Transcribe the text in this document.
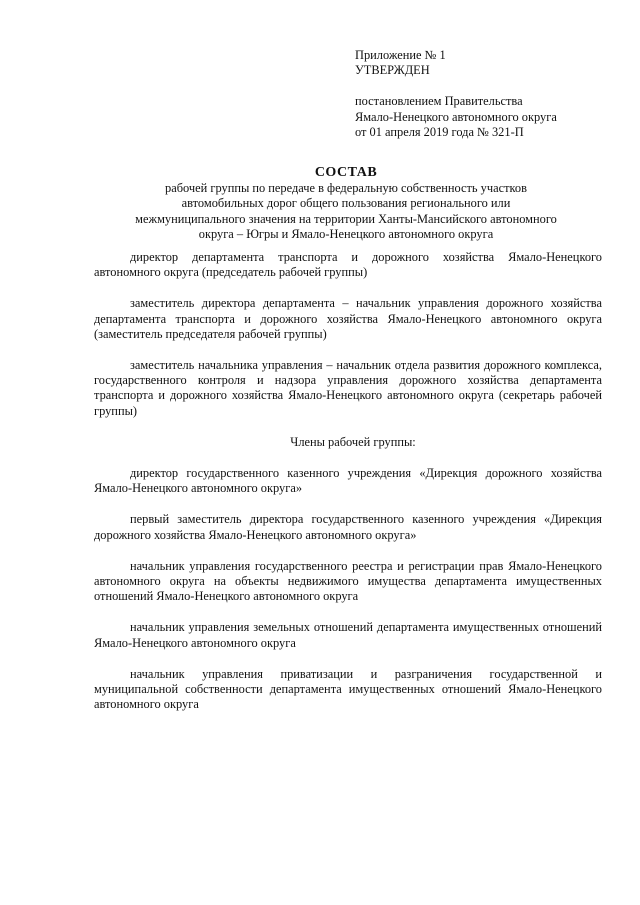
Приложение № 1
УТВЕРЖДЕН
постановлением Правительства
Ямало-Ненецкого автономного округа
от 01 апреля 2019 года № 321-П
СОСТАВ
рабочей группы по передаче в федеральную собственность участков
автомобильных дорог общего пользования регионального или
межмуниципального значения на территории Ханты-Мансийского автономного
округа – Югры и Ямало-Ненецкого автономного округа

директор департамента транспорта и дорожного хозяйства Ямало-Ненецкого автономного округа (председатель рабочей группы)

заместитель директора департамента – начальник управления дорожного хозяйства департамента транспорта и дорожного хозяйства Ямало-Ненецкого автономного округа (заместитель председателя рабочей группы)

заместитель начальника управления – начальник отдела развития дорожного комплекса, государственного контроля и надзора управления дорожного хозяйства департамента транспорта и дорожного хозяйства Ямало-Ненецкого автономного округа (секретарь рабочей группы)

Члены рабочей группы:

директор государственного казенного учреждения «Дирекция дорожного хозяйства Ямало-Ненецкого автономного округа»

первый заместитель директора государственного казенного учреждения «Дирекция дорожного хозяйства Ямало-Ненецкого автономного округа»

начальник управления государственного реестра и регистрации прав Ямало-Ненецкого автономного округа на объекты недвижимого имущества департамента имущественных отношений Ямало-Ненецкого автономного округа

начальник управления земельных отношений департамента имущественных отношений Ямало-Ненецкого автономного округа

начальник управления приватизации и разграничения государственной и муниципальной собственности департамента имущественных отношений Ямало-Ненецкого автономного округа
